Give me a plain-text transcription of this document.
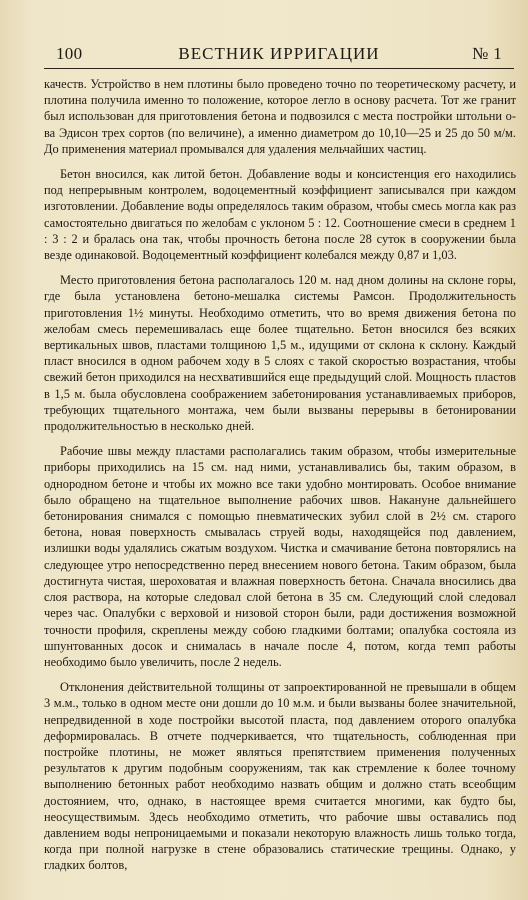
100	ВЕСТНИК ИРРИГАЦИИ	№ 1

качеств. Устройство в нем плотины было проведено точно по теоретическому расчету, и плотина получила именно то положение, которое легло в основу расчета. Тот же гранит был использован для приготовления бетона и подвозился с места постройки штольни о-ва Эдисон трех сортов (по величине), а именно диаметром до 10,10—25 и 25 до 50 м/м. До применения материал промывался для удаления мельчайших частиц.

Бетон вносился, как литой бетон. Добавление воды и консистенция его находились под непрерывным контролем, водоцементный коэффициент записывался при каждом изготовлении. Добавление воды определялось таким образом, чтобы смесь могла как раз самостоятельно двигаться по желобам с уклоном 5 : 12. Соотношение смеси в среднем 1 : 3 : 2 и бралась она так, чтобы прочность бетона после 28 суток в сооружении была везде одинаковой. Водоцементный коэффициент колебался между 0,87 и 1,03.

Место приготовления бетона располагалось 120 м. над дном долины на склоне горы, где была установлена бетоно-мешалка системы Рамсон. Продолжительность приготовления 1½ минуты. Необходимо отметить, что во время движения бетона по желобам смесь перемешивалась еще более тщательно. Бетон вносился без всяких вертикальных швов, пластами толщиною 1,5 м., идущими от склона к склону. Каждый пласт вносился в одном рабочем ходу в 5 слоях с такой скоростью возрастания, чтобы свежий бетон приходился на несхватившийся еще предыдущий слой. Мощность пластов в 1,5 м. была обусловлена соображением забетонирования устанавливаемых приборов, требующих тщательного монтажа, чем были вызваны перерывы в бетонировании продолжительностью в несколько дней.

Рабочие швы между пластами располагались таким образом, чтобы измерительные приборы приходились на 15 см. над ними, устанавливались бы, таким образом, в однородном бетоне и чтобы их можно все таки удобно монтировать. Особое внимание было обращено на тщательное выполнение рабочих швов. Накануне дальнейшего бетонирования снимался с помощью пневматических зубил слой в 2½ см. старого бетона, новая поверхность смывалась струей воды, находящейся под давлением, излишки воды удалялись сжатым воздухом. Чистка и смачивание бетона повторялись на следующее утро непосредственно перед внесением нового бетона. Таким образом, была достигнута чистая, шероховатая и влажная поверхность бетона. Сначала вносились два слоя раствора, на которые следовал слой бетона в 35 см. Следующий слой следовал через час. Опалубки с верховой и низовой сторон были, ради достижения возможной точности профиля, скреплены между собою гладкими болтами; опалубка состояла из шпунтованных досок и снималась в начале после 4, потом, когда темп работы необходимо было увеличить, после 2 недель.

Отклонения действительной толщины от запроектированной не превышали в общем 3 м.м., только в одном месте они дошли до 10 м.м. и были вызваны более значительной, непредвиденной в ходе постройки высотой пласта, под давлением оторого опалубка деформировалась. В отчете подчеркивается, что тщательность, соблюденная при постройке плотины, не может являться препятствием применения полученных результатов к другим подобным сооружениям, так как стремление к более точному выполнению бетонных работ необходимо назвать общим и должно стать всеобщим достоянием, что, однако, в настоящее время считается многими, как будто бы, неосуществимым. Здесь необходимо отметить, что рабочие швы оставались под давлением воды непроницаемыми и показали некоторую влажность лишь только тогда, когда при полной нагрузке в стене образовались статические трещины. Однако, у гладких болтов,
